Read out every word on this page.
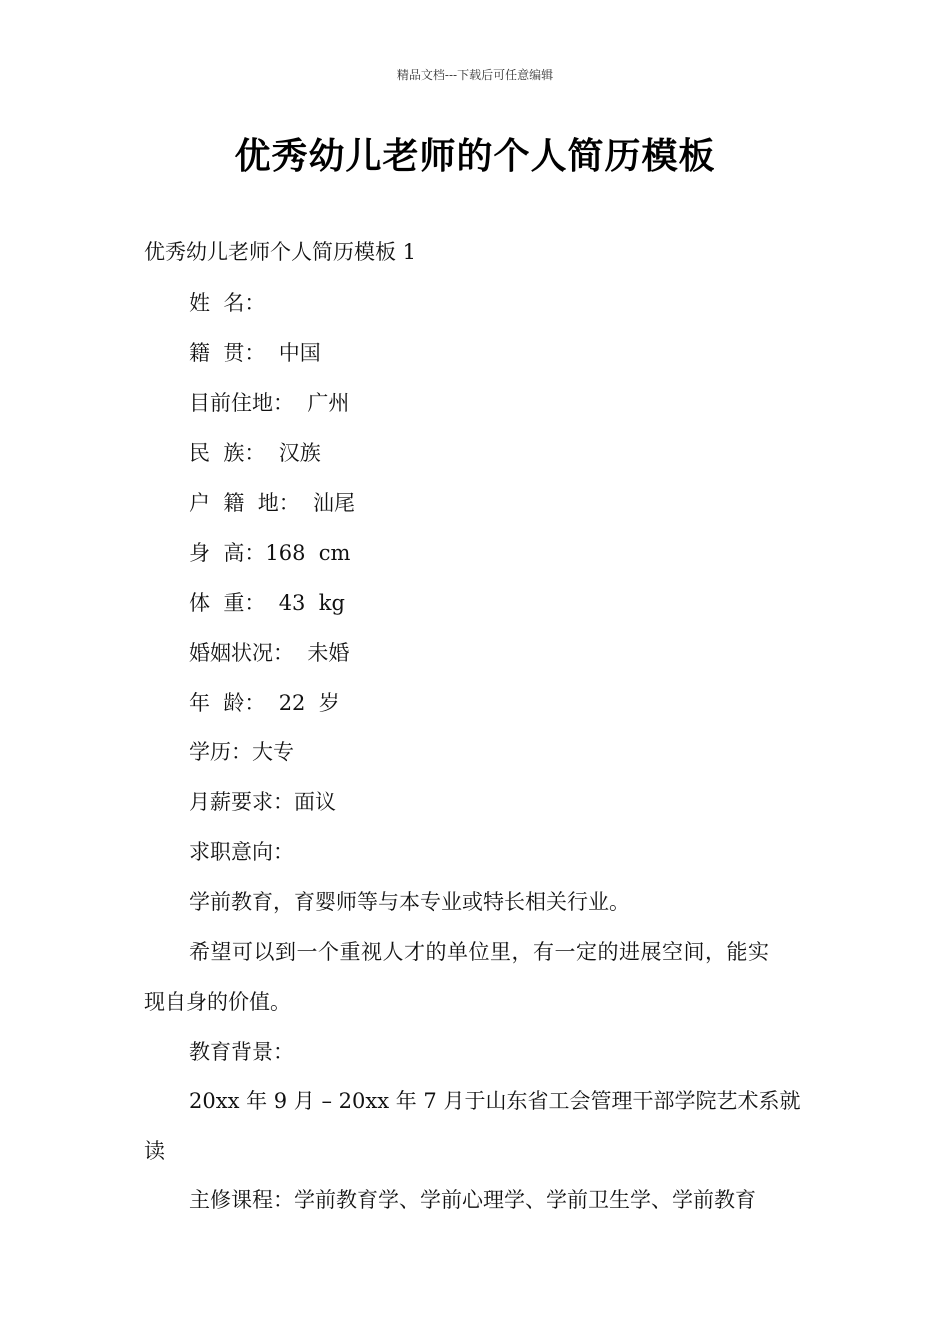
精品文档---下载后可任意编辑
优秀幼儿老师的个人简历模板
优秀幼儿老师个人简历模板 1
姓  名：
籍  贯：  中国
目前住地：  广州
民  族：  汉族
户  籍  地：  汕尾
身  高：168  cm
体  重：  43  kg
婚姻状况：  未婚
年  龄：  22  岁
学历：大专
月薪要求：面议
求职意向：
学前教育，育婴师等与本专业或特长相关行业。
希望可以到一个重视人才的单位里，有一定的进展空间，能实
现自身的价值。
教育背景：
20xx 年 9 月 – 20xx 年 7 月于山东省工会管理干部学院艺术系就
读
主修课程：学前教育学、学前心理学、学前卫生学、学前教育
